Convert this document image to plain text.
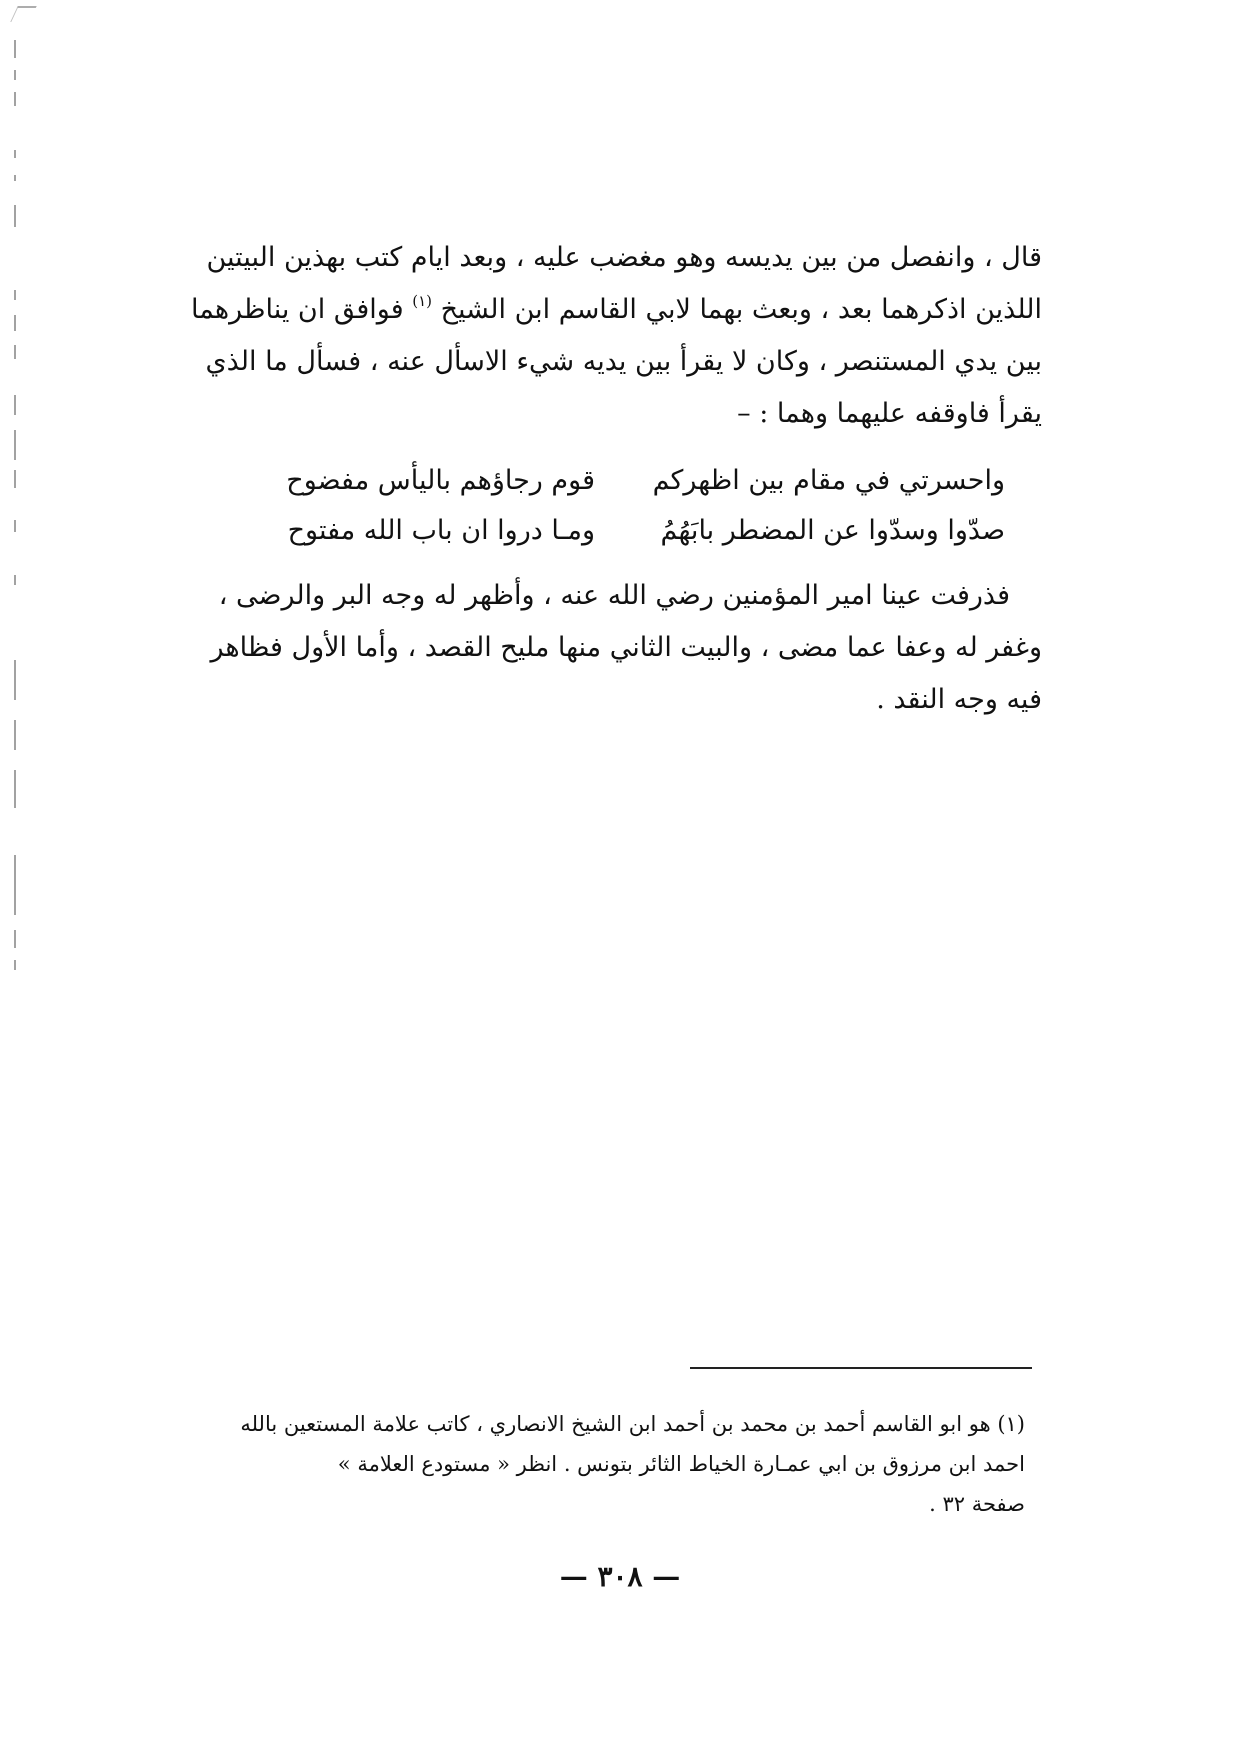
قال ، وانفصل من بين يديسه وهو مغضب عليه ، وبعد ايام كتب بهذين البيتين

اللذين اذكرهما بعد ، وبعث بهما لابي القاسم ابن الشيخ $^{(١)}$ فوافق ان يناظرهما

بين يدي المستنصر ، وكان لا يقرأ بين يديه شيء الاسأل عنه ، فسأل ما الذي

يقرأ فاوقفه عليهما وهما : –

واحسرتي في مقام بين اظهركم
قوم رجاؤهم باليأس مفضوح
صدّوا وسدّوا عن المضطر بابَهُمُ
ومـا دروا ان باب الله مفتوح

فذرفت عينا امير المؤمنين رضي الله عنه ، وأظهر له وجه البر والرضى ،

وغفر له وعفا عما مضى ، والبيت الثاني منها مليح القصد ، وأما الأول فظاهر

فيه وجه النقد .

(١) هو ابو القاسم أحمد بن محمد بن أحمد ابن الشيخ الانصاري ، كاتب علامة المستعين بالله

احمد ابن مرزوق بن ابي عمـارة الخياط الثائر بتونس . انظر « مستودع العلامة »

صفحة ٣٢ .

— ٣٠٨ —
